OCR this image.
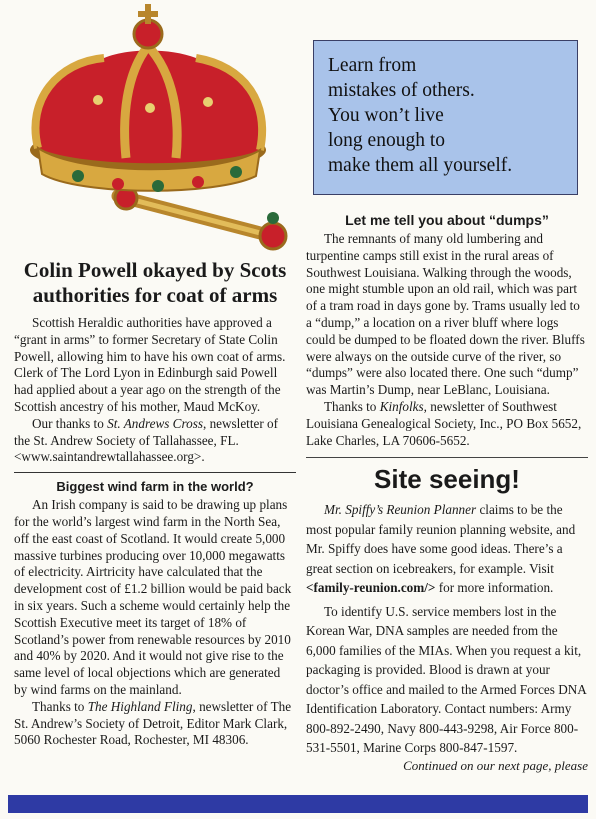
Learn from
mistakes of others.
You won’t live
long enough to
make them all yourself.
Colin Powell okayed by Scots authorities for coat of arms

Scottish Heraldic authorities have approved a “grant in arms” to former Secretary of State Colin Powell, allowing him to have his own coat of arms. Clerk of The Lord Lyon in Edinburgh said Powell had applied about a year ago on the strength of the Scottish ancestry of his mother, Maud McKoy.

Our thanks to St. Andrews Cross, newsletter of the St. Andrew Society of Tallahassee, FL. <www.saintandrewtallahassee.org>.

Biggest wind farm in the world?

An Irish company is said to be drawing up plans for the world’s largest wind farm in the North Sea, off the east coast of Scotland. It would create 5,000 massive turbines producing over 10,000 megawatts of electricity. Airtricity have calculated that the development cost of £1.2 billion would be paid back in six years. Such a scheme would certainly help the Scottish Executive meet its target of 18% of Scotland’s power from renewable resources by 2010 and 40% by 2020. And it would not give rise to the same level of local objections which are generated by wind farms on the mainland.

Thanks to The Highland Fling, newsletter of The St. Andrew’s Society of Detroit, Editor Mark Clark, 5060 Rochester Road, Rochester, MI 48306.

Let me tell you about “dumps”

The remnants of many old lumbering and turpentine camps still exist in the rural areas of Southwest Louisiana. Walking through the woods, one might stumble upon an old rail, which was part of a tram road in days gone by. Trams usually led to a “dump,” a location on a river bluff where logs could be dumped to be floated down the river. Bluffs were always on the outside curve of the river, so “dumps” were also located there. One such “dump” was Martin’s Dump, near LeBlanc, Louisiana.

Thanks to Kinfolks, newsletter of Southwest Louisiana Genealogical Society, Inc., PO Box 5652, Lake Charles, LA 70606-5652.

Site seeing!

Mr. Spiffy’s Reunion Planner claims to be the most popular family reunion planning website, and Mr. Spiffy does have some good ideas. There’s a great section on icebreakers, for example. Visit <family-reunion.com/> for more information.

To identify U.S. service members lost in the Korean War, DNA samples are needed from the 6,000 families of the MIAs. When you request a kit, packaging is provided. Blood is drawn at your doctor’s office and mailed to the Armed Forces DNA Identification Laboratory. Contact numbers: Army 800-892-2490, Navy 800-443-9298, Air Force 800-531-5501, Marine Corps 800-847-1597.

Continued on our next page, please
